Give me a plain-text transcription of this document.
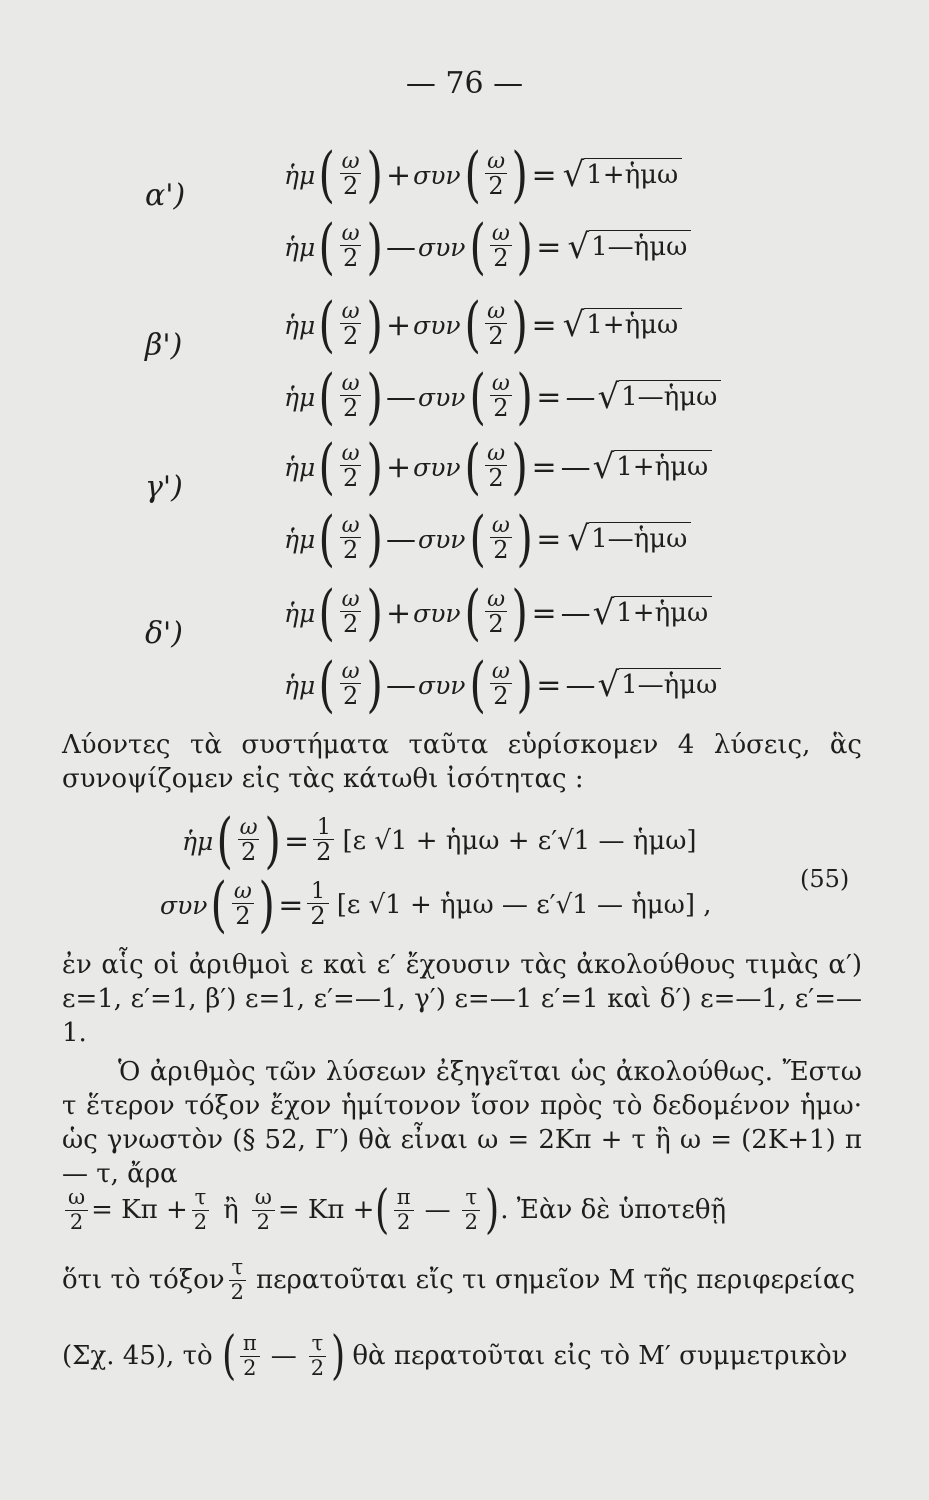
— 76 —
α')
ἡμ ( $\frac{\omega}{2}$ ) + συν ( $\frac{\omega}{2}$ ) = √ 1+ἡμω
ἡμ ( $\frac{\omega}{2}$ ) — συν ( $\frac{\omega}{2}$ ) = √ 1—ἡμω
β')
ἡμ ( $\frac{\omega}{2}$ ) + συν ( $\frac{\omega}{2}$ ) = √ 1+ἡμω
ἡμ ( $\frac{\omega}{2}$ ) — συν ( $\frac{\omega}{2}$ ) = — √ 1—ἡμω
γ')
ἡμ ( $\frac{\omega}{2}$ ) + συν ( $\frac{\omega}{2}$ ) = — √ 1+ἡμω
ἡμ ( $\frac{\omega}{2}$ ) — συν ( $\frac{\omega}{2}$ ) = √ 1—ἡμω
δ')
ἡμ ( $\frac{\omega}{2}$ ) + συν ( $\frac{\omega}{2}$ ) = — √ 1+ἡμω
ἡμ ( $\frac{\omega}{2}$ ) — συν ( $\frac{\omega}{2}$ ) = — √ 1—ἡμω
Λύοντες τὰ συστήματα ταῦτα εὑρίσκομεν 4 λύσεις, ἃς συνοψίζομεν εἰς τὰς κάτωθι ἰσότητας :
ἡμ ( $\frac{\omega}{2}$ ) = $\frac{1}{2} [\varepsilon$ √1 + ἡμω + ε′√1 — ἡμω]
συν ( $\frac{\omega}{2}$ ) = $\frac{1}{2} [\varepsilon$ √1 + ἡμω — ε′√1 — ἡμω] ,
(55)
ἐν αἷς οἱ ἀριθμοὶ ε καὶ ε′ ἔχουσιν τὰς ἀκολούθους τιμὰς α′) ε=1, ε′=1, β′) ε=1, ε′=—1, γ′) ε=—1 ε′=1 καὶ δ′) ε=—1, ε′=—1.
Ὁ ἀριθμὸς τῶν λύσεων ἐξηγεῖται ὡς ἀκολούθως. Ἔστω τ ἕτερον τόξον ἔχον ἡμίτονον ἴσον πρὸς τὸ δεδομένον ἡμω· ὡς γνωστὸν (§ 52, Γ′) θὰ εἶναι ω = 2Κπ + τ ἢ ω = (2Κ+1) π — τ, ἄρα
$\frac{\omega}{2} = K\pi + \frac{\tau}{2}$ ἢ $\frac{\omega}{2} = K\pi$ + ( $\frac{\pi}{2}$ — $\frac{\tau}{2}$ ) . Ἐὰν δὲ ὑποτεθῇ
ὅτι τὸ τόξον $\frac{\tau}{2}$ περατοῦται εἴς τι σημεῖον Μ τῆς περιφερείας
(Σχ. 45), τὸ ( $\frac{\pi}{2}$ — $\frac{\tau}{2}$ ) θὰ περατοῦται εἰς τὸ Μ′ συμμετρικὸν
